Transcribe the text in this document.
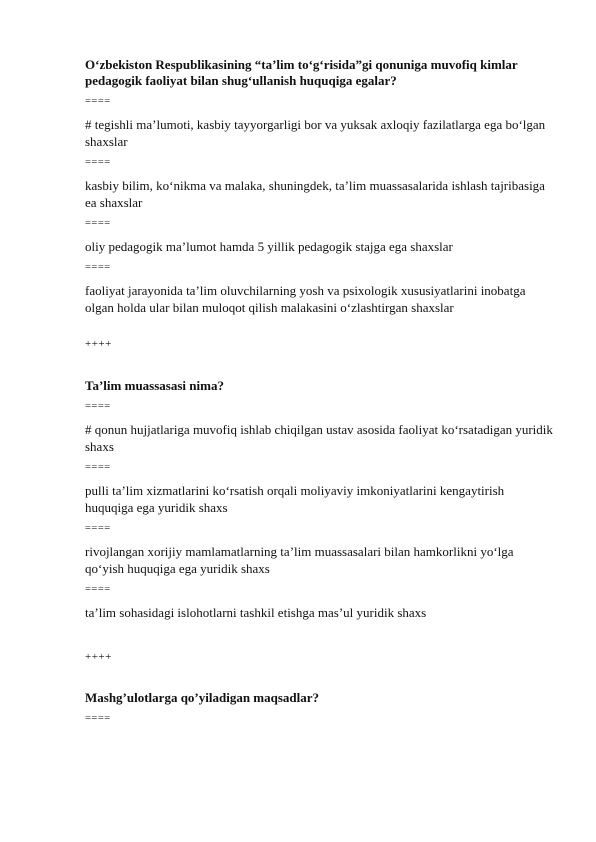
O‘zbekiston Respublikasining “ta’lim to‘g‘risida”gi qonuniga muvofiq kimlar pedagogik faoliyat bilan shug‘ullanish huquqiga egalar?

====

# tegishli ma’lumoti, kasbiy tayyorgarligi bor va yuksak axloqiy fazilatlarga ega bo‘lgan shaxslar

====

kasbiy bilim, ko‘nikma va malaka, shuningdek, ta’lim muassasalarida ishlash tajribasiga ea shaxslar

====

oliy pedagogik ma’lumot hamda 5 yillik pedagogik stajga ega shaxslar

====

faoliyat jarayonida ta’lim oluvchilarning yosh va psixologik xususiyatlarini inobatga olgan holda ular bilan muloqot qilish malakasini o‘zlashtirgan shaxslar

++++

Ta’lim muassasasi nima?

====

# qonun hujjatlariga muvofiq ishlab chiqilgan ustav asosida faoliyat ko‘rsatadigan yuridik shaxs

====

pulli ta’lim xizmatlarini ko‘rsatish orqali moliyaviy imkoniyatlarini kengaytirish huquqiga ega yuridik shaxs

====

rivojlangan xorijiy mamlamatlarning ta’lim muassasalari bilan hamkorlikni yo‘lga qo‘yish huquqiga ega yuridik shaxs

====

ta’lim sohasidagi islohotlarni tashkil etishga mas’ul yuridik shaxs

++++

Mashg’ulotlarga qo’yiladigan maqsadlar?

====
